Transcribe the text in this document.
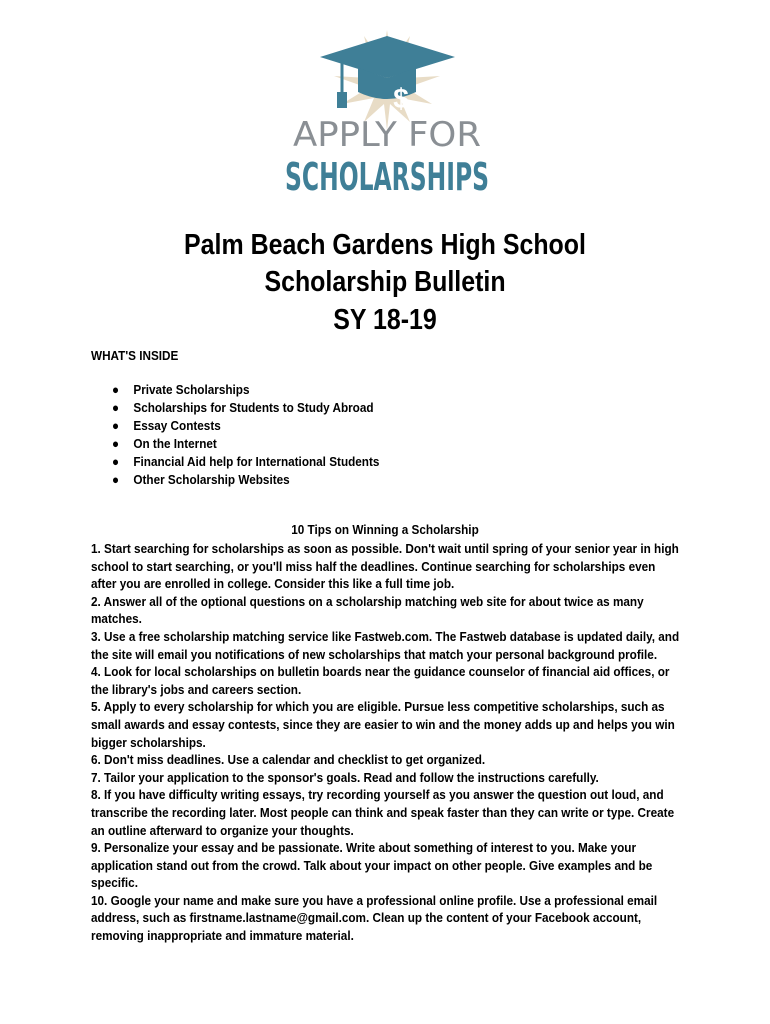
$
APPLY FOR
SCHOLARSHIPS
Palm Beach Gardens High School
Scholarship Bulletin
SY 18-19
WHAT'S INSIDE
● Private Scholarships
● Scholarships for Students to Study Abroad
● Essay Contests
● On the Internet
● Financial Aid help for International Students
● Other Scholarship Websites
10 Tips on Winning a Scholarship

1. Start searching for scholarships as soon as possible. Don't wait until spring of your senior year in high school to start searching, or you'll miss half the deadlines. Continue searching for scholarships even after you are enrolled in college. Consider this like a full time job.

2. Answer all of the optional questions on a scholarship matching web site for about twice as many matches.

3. Use a free scholarship matching service like Fastweb.com. The Fastweb database is updated daily, and the site will email you notifications of new scholarships that match your personal background profile.

4. Look for local scholarships on bulletin boards near the guidance counselor of financial aid offices, or the library's jobs and careers section.

5. Apply to every scholarship for which you are eligible. Pursue less competitive scholarships, such as small awards and essay contests, since they are easier to win and the money adds up and helps you win bigger scholarships.

6. Don't miss deadlines. Use a calendar and checklist to get organized.

7. Tailor your application to the sponsor's goals. Read and follow the instructions carefully.

8. If you have difficulty writing essays, try recording yourself as you answer the question out loud, and transcribe the recording later. Most people can think and speak faster than they can write or type. Create an outline afterward to organize your thoughts.

9. Personalize your essay and be passionate. Write about something of interest to you. Make your application stand out from the crowd. Talk about your impact on other people. Give examples and be specific.

10. Google your name and make sure you have a professional online profile. Use a professional email address, such as firstname.lastname@gmail.com. Clean up the content of your Facebook account, removing inappropriate and immature material.
